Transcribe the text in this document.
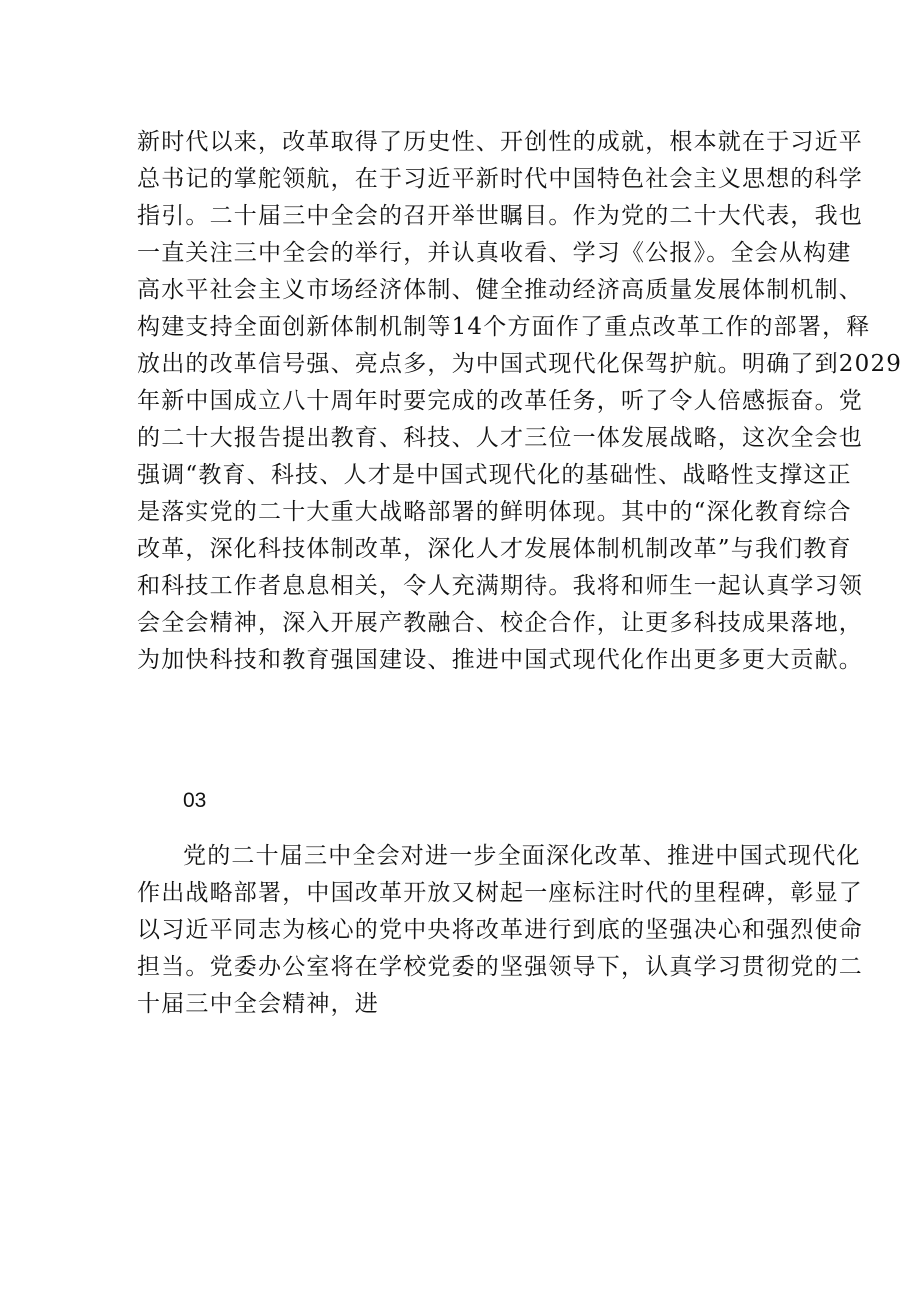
新时代以来，改革取得了历史性、开创性的成就，根本就在于习近平
总书记的掌舵领航，在于习近平新时代中国特色社会主义思想的科学
指引。二十届三中全会的召开举世瞩目。作为党的二十大代表，我也
一直关注三中全会的举行，并认真收看、学习《公报》。全会从构建
高水平社会主义市场经济体制、健全推动经济高质量发展体制机制、
构建支持全面创新体制机制等14个方面作了重点改革工作的部署，释
放出的改革信号强、亮点多，为中国式现代化保驾护航。明确了到2029
年新中国成立八十周年时要完成的改革任务，听了令人倍感振奋。党
的二十大报告提出教育、科技、人才三位一体发展战略，这次全会也
强调“教育、科技、人才是中国式现代化的基础性、战略性支撑这正
是落实党的二十大重大战略部署的鲜明体现。其中的“深化教育综合
改革，深化科技体制改革，深化人才发展体制机制改革”与我们教育
和科技工作者息息相关，令人充满期待。我将和师生一起认真学习领
会全会精神，深入开展产教融合、校企合作，让更多科技成果落地，
为加快科技和教育强国建设、推进中国式现代化作出更多更大贡献。
03
党的二十届三中全会对进一步全面深化改革、推进中国式现代化
作出战略部署，中国改革开放又树起一座标注时代的里程碑，彰显了
以习近平同志为核心的党中央将改革进行到底的坚强决心和强烈使命
担当。党委办公室将在学校党委的坚强领导下，认真学习贯彻党的二
十届三中全会精神，进
